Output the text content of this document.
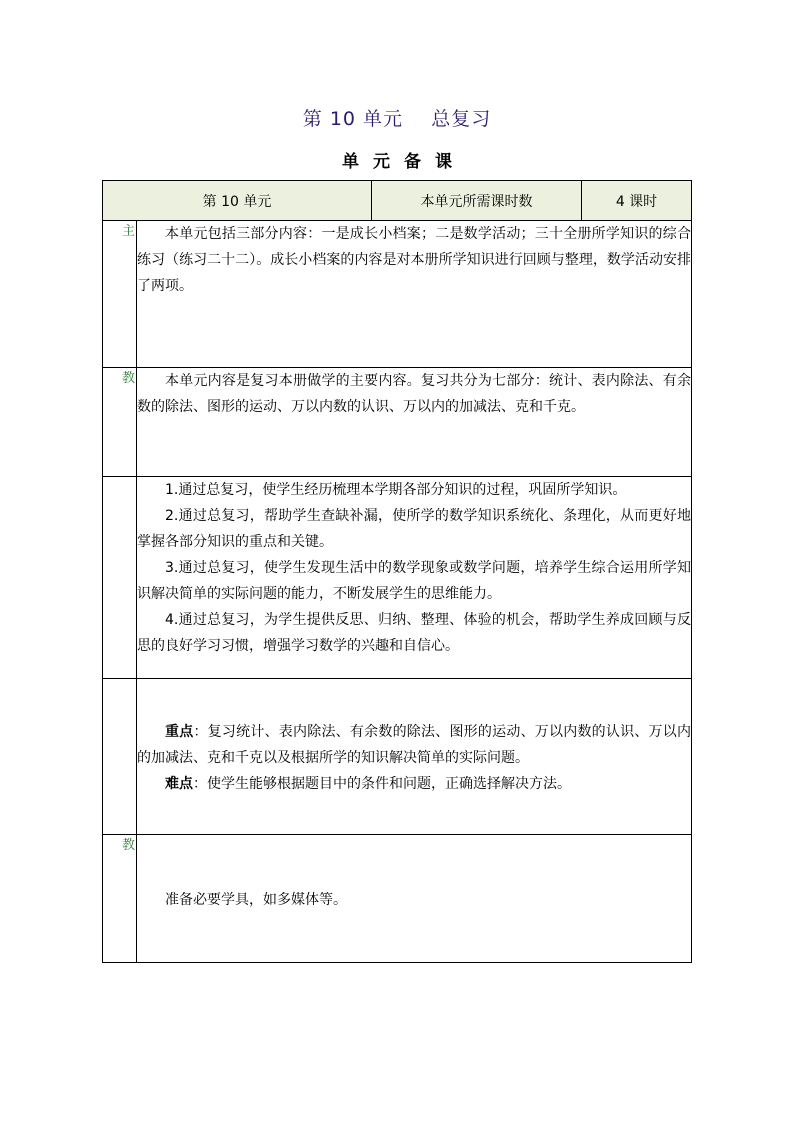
第 10 单元    总复习
单元备课
第 10 单元		本单元所需课时数	4 课时

主	本单元包括三部分内容：一是成长小档案；二是数学活动；三十全册所学知识的综合练习（练习二十二）。成长小档案的内容是对本册所学知识进行回顾与整理，数学活动安排了两项。		

教	本单元内容是复习本册做学的主要内容。复习共分为七部分：统计、表内除法、有余数的除法、图形的运动、万以内数的认识、万以内的加减法、克和千克。		

	1.通过总复习，使学生经历梳理本学期各部分知识的过程，巩固所学知识。

2.通过总复习，帮助学生查缺补漏，使所学的数学知识系统化、条理化，从而更好地掌握各部分知识的重点和关键。

3.通过总复习，使学生发现生活中的数学现象或数学问题，培养学生综合运用所学知识解决简单的实际问题的能力，不断发展学生的思维能力。

4.通过总复习，为学生提供反思、归纳、整理、体验的机会，帮助学生养成回顾与反思的良好学习习惯，增强学习数学的兴趣和自信心。		

	重点：复习统计、表内除法、有余数的除法、图形的运动、万以内数的认识、万以内的加减法、克和千克以及根据所学的知识解决简单的实际问题。

难点：使学生能够根据题目中的条件和问题，正确选择解决方法。		

教	准备必要学具，如多媒体等。		
